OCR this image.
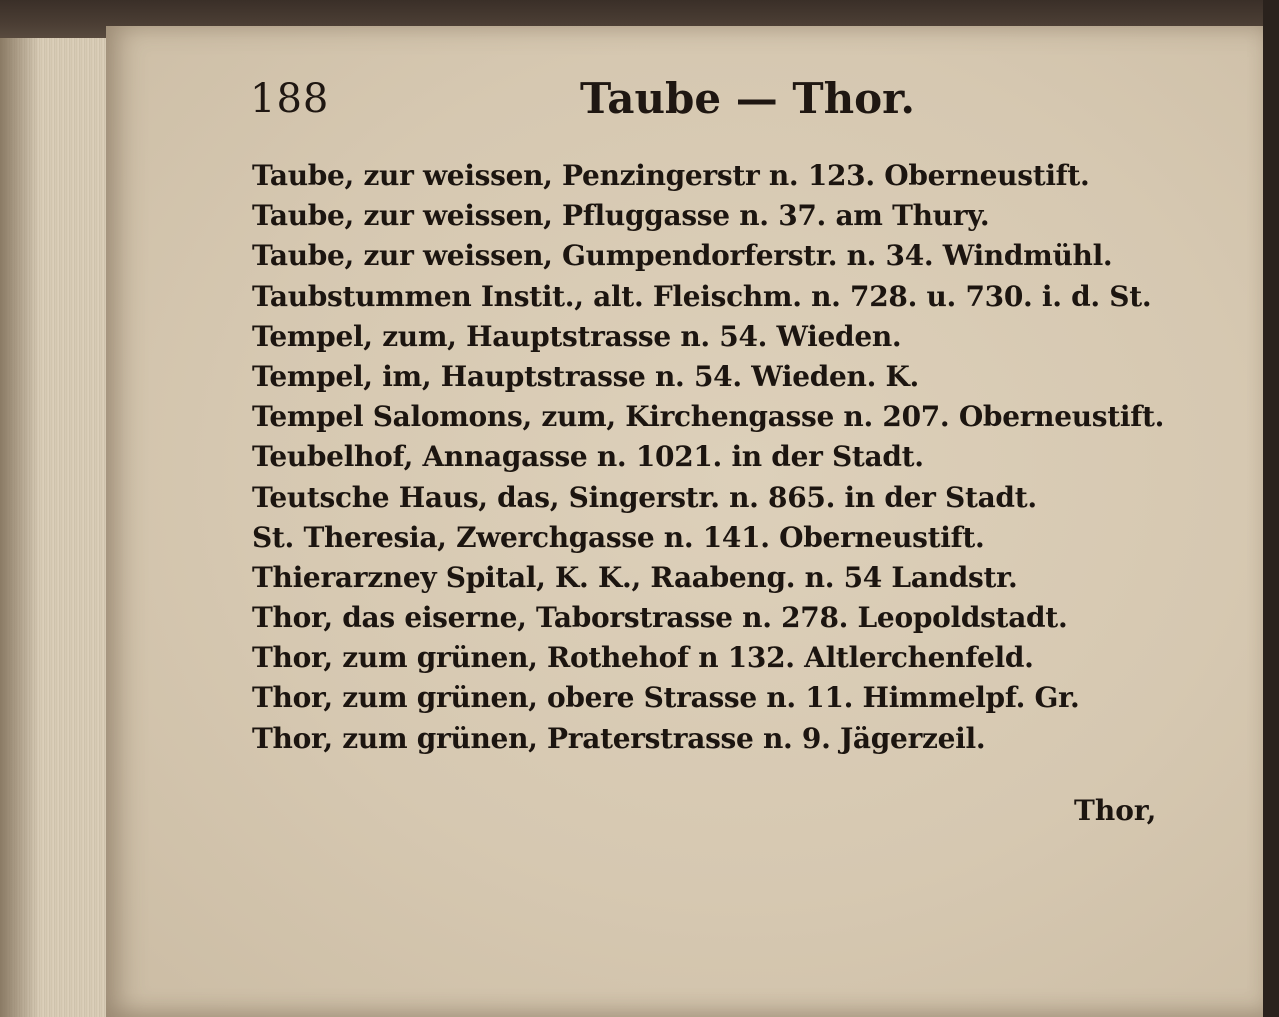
188	Taube — Thor.
Taube, zur weissen, Penzingerstr n. 123. Oberneustift.
Taube, zur weissen, Pfluggasse n. 37. am Thury.
Taube, zur weissen, Gumpendorferstr. n. 34. Windmühl.
Taubstummen Instit., alt. Fleischm. n. 728. u. 730. i. d. St.
Tempel, zum, Hauptstrasse n. 54. Wieden.
Tempel, im, Hauptstrasse n. 54. Wieden. K.
Tempel Salomons, zum, Kirchengasse n. 207. Oberneustift.
Teubelhof, Annagasse n. 1021. in der Stadt.
Teutsche Haus, das, Singerstr. n. 865. in der Stadt.
St. Theresia, Zwerchgasse n. 141. Oberneustift.
Thierarzney Spital, K. K., Raabeng. n. 54 Landstr.
Thor, das eiserne, Taborstrasse n. 278. Leopoldstadt.
Thor, zum grünen, Rothehof n 132. Altlerchenfeld.
Thor, zum grünen, obere Strasse n. 11. Himmelpf. Gr.
Thor, zum grünen, Praterstrasse n. 9. Jägerzeil.
Thor,
